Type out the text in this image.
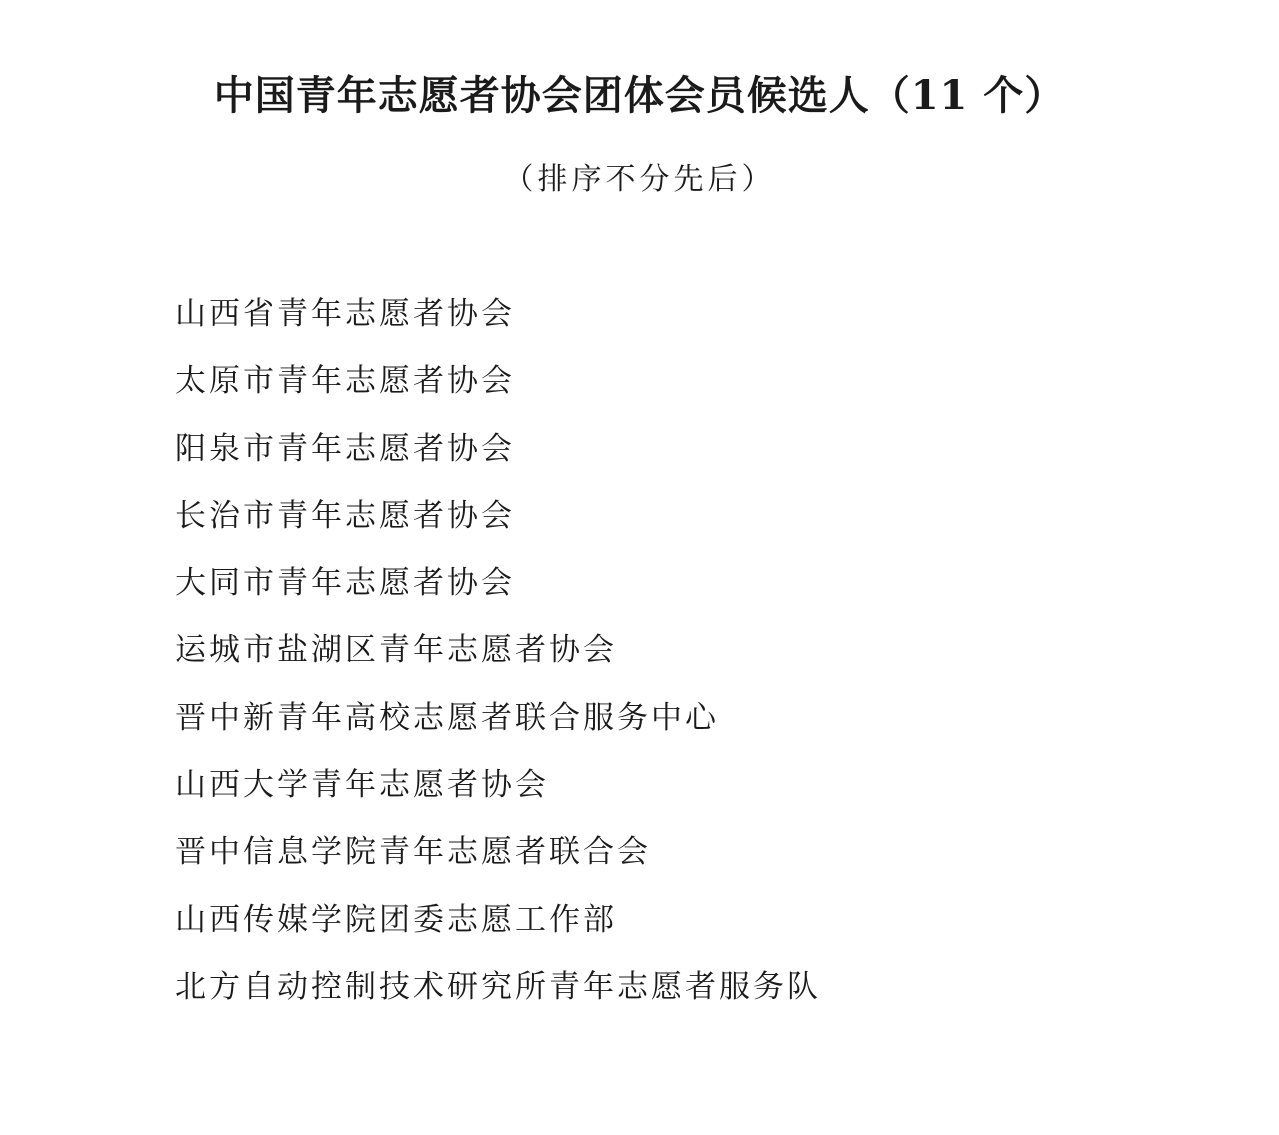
中国青年志愿者协会团体会员候选人（11 个）
（排序不分先后）
山西省青年志愿者协会
太原市青年志愿者协会
阳泉市青年志愿者协会
长治市青年志愿者协会
大同市青年志愿者协会
运城市盐湖区青年志愿者协会
晋中新青年高校志愿者联合服务中心
山西大学青年志愿者协会
晋中信息学院青年志愿者联合会
山西传媒学院团委志愿工作部
北方自动控制技术研究所青年志愿者服务队
